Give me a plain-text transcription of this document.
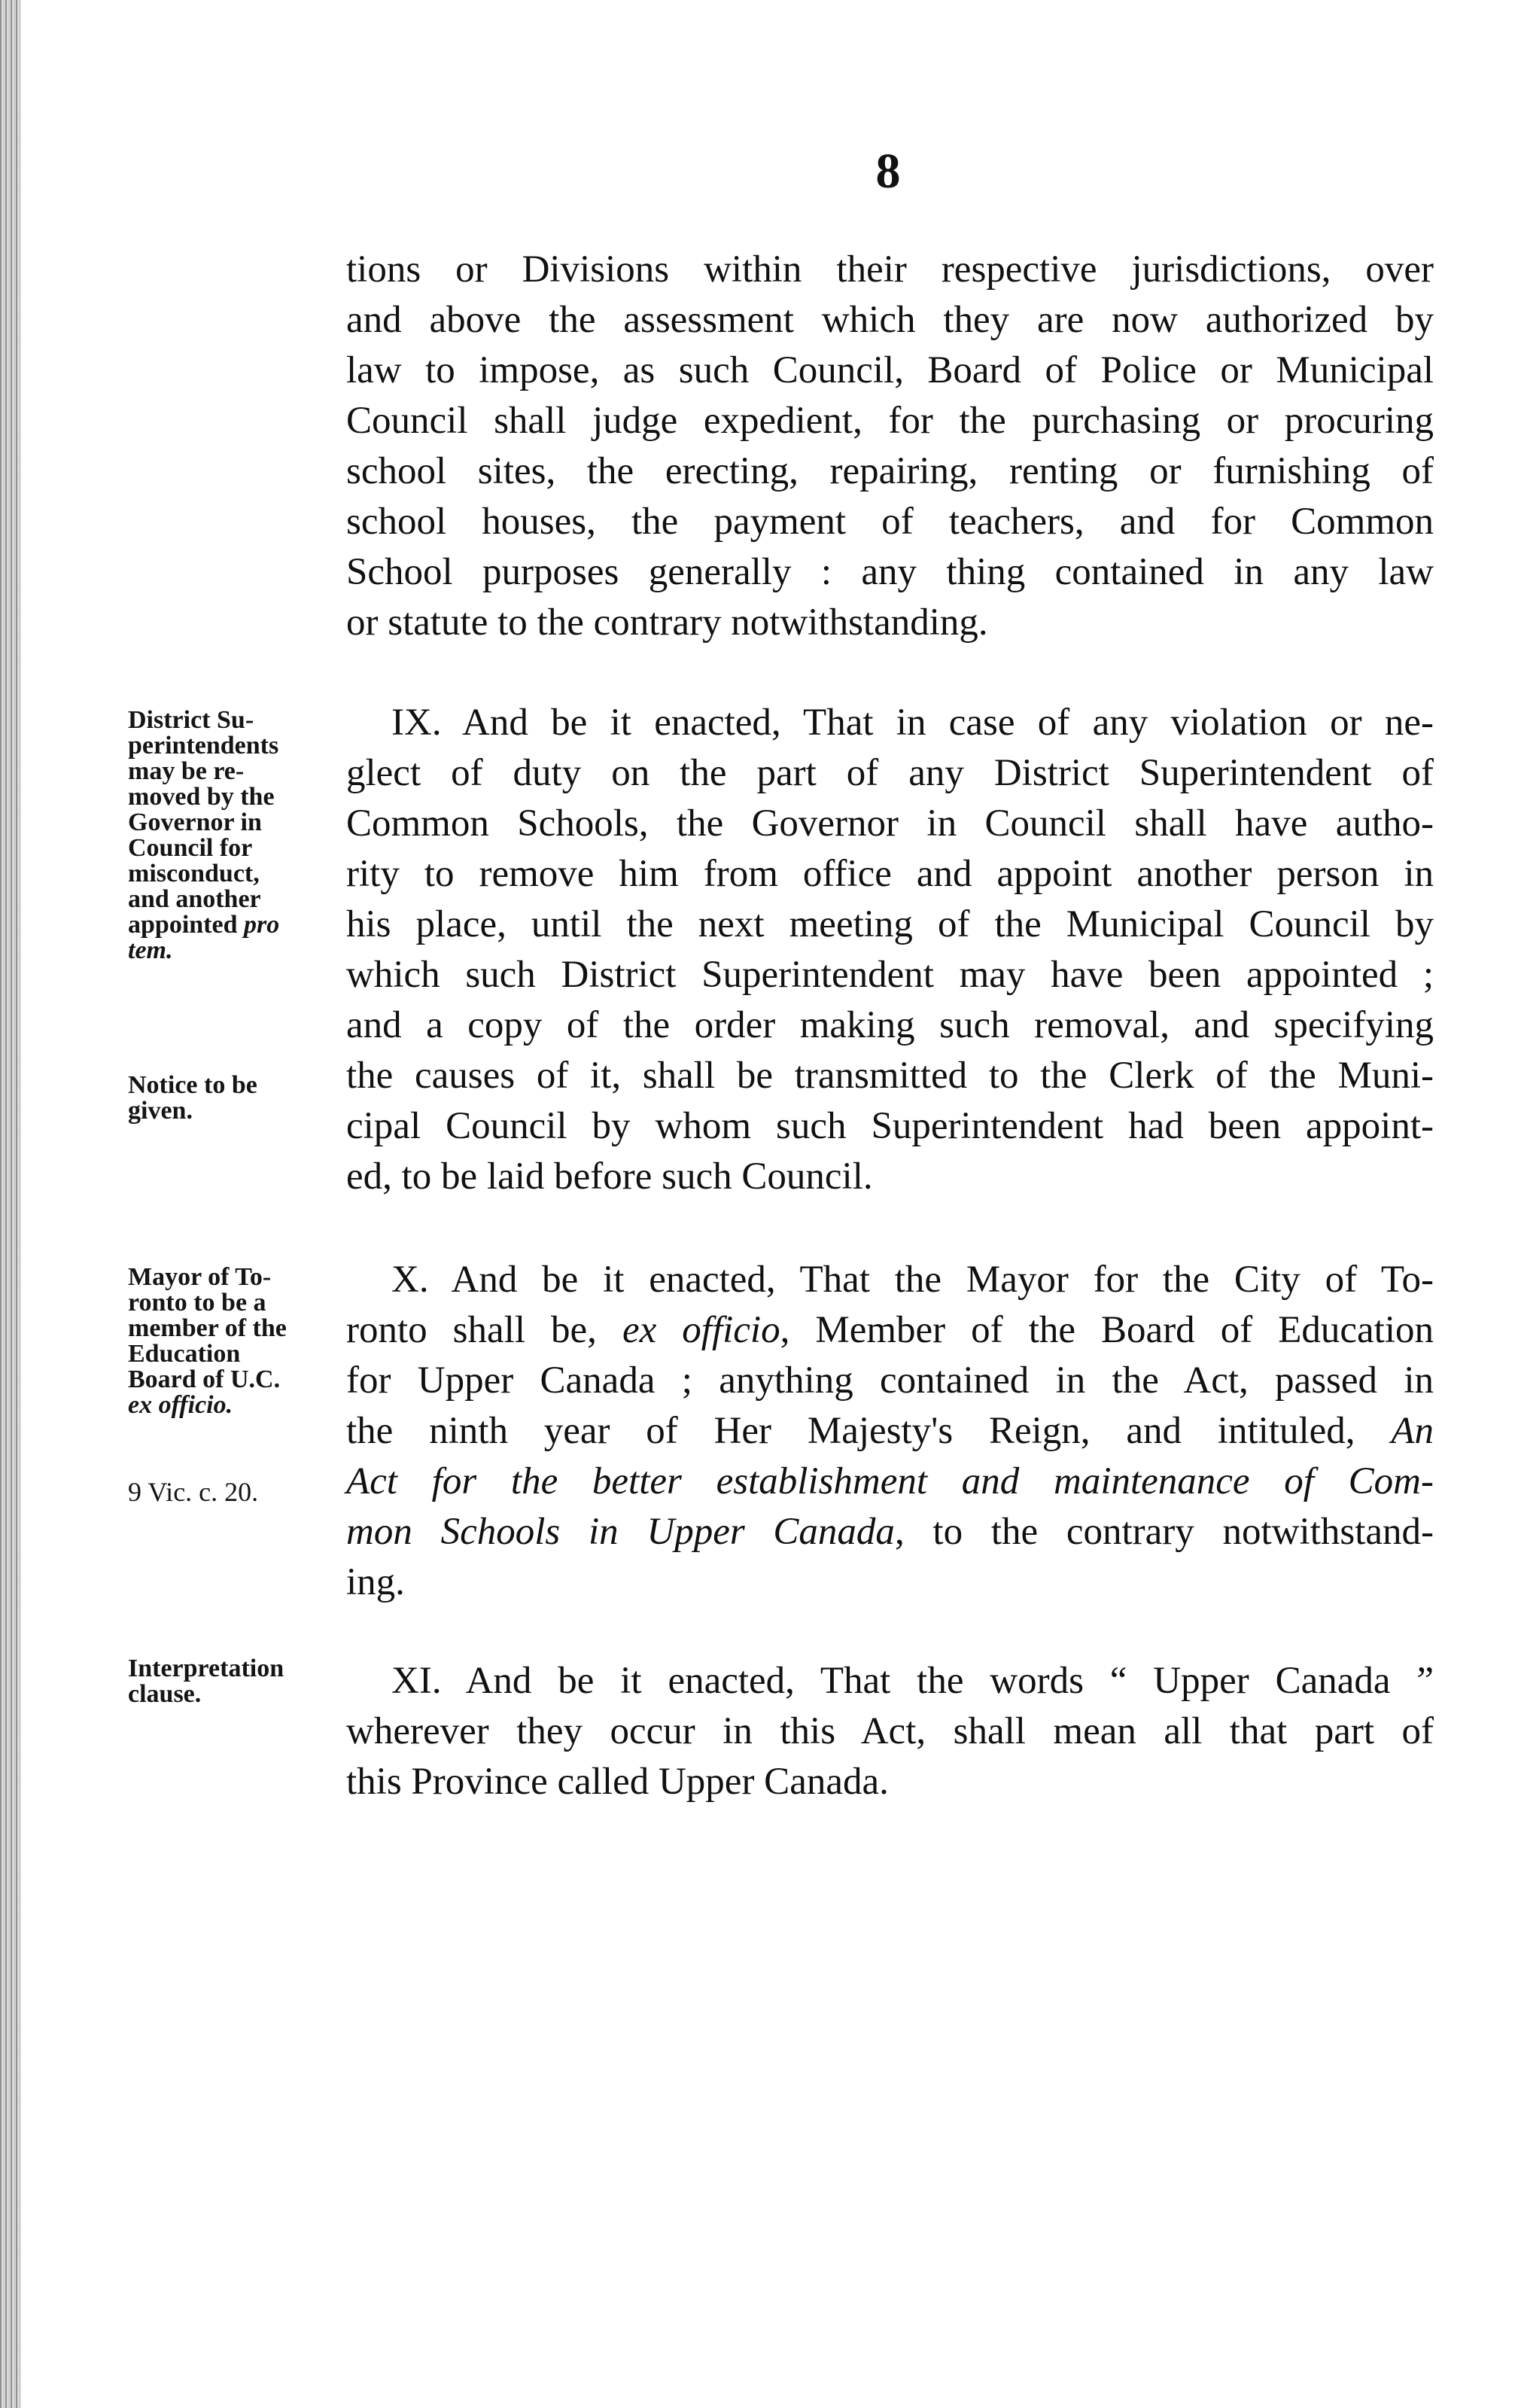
8
tions or Divisions within their respective jurisdictions, over
and above the assessment which they are now authorized by
law to impose, as such Council, Board of Police or Municipal
Council shall judge expedient, for the purchasing or procuring
school sites, the erecting, repairing, renting or furnishing of
school houses, the payment of teachers, and for Common
School purposes generally : any thing contained in any law
or statute to the contrary notwithstanding.
IX. And be it enacted, That in case of any violation or ne-
glect of duty on the part of any District Superintendent of
Common Schools, the Governor in Council shall have autho-
rity to remove him from office and appoint another person in
his place, until the next meeting of the Municipal Council by
which such District Superintendent may have been appointed ;
and a copy of the order making such removal, and specifying
the causes of it, shall be transmitted to the Clerk of the Muni-
cipal Council by whom such Superintendent had been appoint-
ed, to be laid before such Council.
X. And be it enacted, That the Mayor for the City of To-
ronto shall be, ex officio, Member of the Board of Education
for Upper Canada ; anything contained in the Act, passed in
the ninth year of Her Majesty's Reign, and intituled, An
Act for the better establishment and maintenance of Com-
mon Schools in Upper Canada, to the contrary notwithstand-
ing.
XI. And be it enacted, That the words “ Upper Canada ”
wherever they occur in this Act, shall mean all that part of
this Province called Upper Canada.
District Su-
perintendents
may be re-
moved by the
Governor in
Council for
misconduct,
and another
appointed pro
tem.
Notice to be
given.
Mayor of To-
ronto to be a
member of the
Education
Board of U.C.
ex officio.
9 Vic. c. 20.
Interpretation
clause.
